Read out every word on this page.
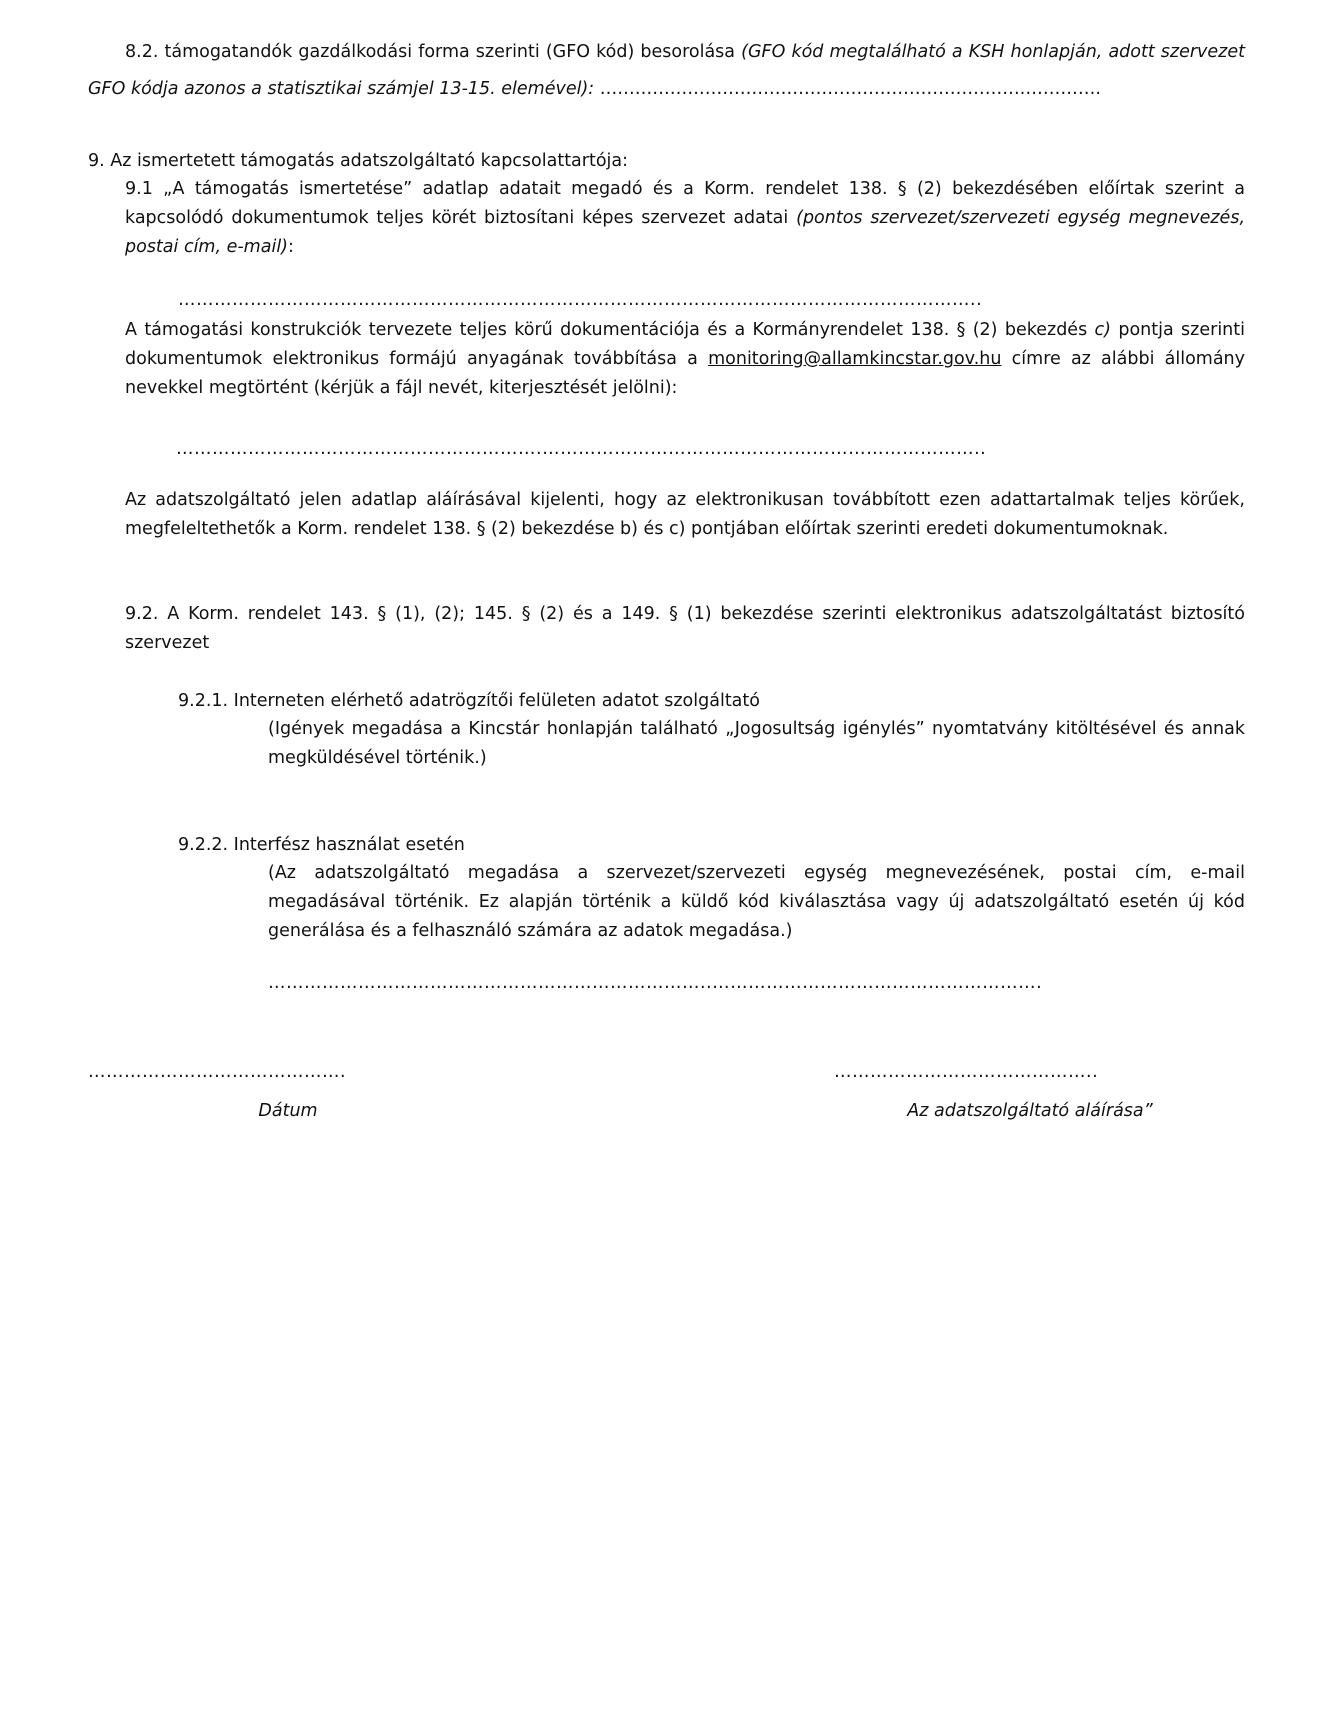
8.2. támogatandók gazdálkodási forma szerinti (GFO kód) besorolása (GFO kód megtalálható a KSH honlapján, adott szervezet GFO kódja azonos a statisztikai számjel 13-15. elemével): ……………………………………………………………….………….
9. Az ismertetett támogatás adatszolgáltató kapcsolattartója:
9.1 „A támogatás ismertetése” adatlap adatait megadó és a Korm. rendelet 138. § (2) bekezdésében előírtak szerint a kapcsolódó dokumentumok teljes körét biztosítani képes szervezet adatai (pontos szervezet/szervezeti egység megnevezés, postai cím, e-mail):
……………………………………………………………………………………………………………………..
A támogatási konstrukciók tervezete teljes körű dokumentációja és a Kormányrendelet 138. § (2) bekezdés c) pontja szerinti dokumentumok elektronikus formájú anyagának továbbítása a monitoring@allamkincstar.gov.hu címre az alábbi állomány nevekkel megtörtént (kérjük a fájl nevét, kiterjesztését jelölni):
…………………………………………………….………………………………………………………………..
Az adatszolgáltató jelen adatlap aláírásával kijelenti, hogy az elektronikusan továbbított ezen adattartalmak teljes körűek, megfeleltethetők a Korm. rendelet 138. § (2) bekezdése b) és c) pontjában előírtak szerinti eredeti dokumentumoknak.
9.2. A Korm. rendelet 143. § (1), (2); 145. § (2) és a 149. § (1) bekezdése szerinti elektronikus adatszolgáltatást biztosító szervezet
9.2.1. Interneten elérhető adatrögzítői felületen adatot szolgáltató
(Igények megadása a Kincstár honlapján található „Jogosultság igénylés” nyomtatvány kitöltésével és annak megküldésével történik.)
9.2.2. Interfész használat esetén
(Az adatszolgáltató megadása a szervezet/szervezeti egység megnevezésének, postai cím, e-mail megadásával történik. Ez alapján történik a küldő kód kiválasztása vagy új adatszolgáltató esetén új kód generálása és a felhasználó számára az adatok megadása.)
………………………………………………………………..……………………………………………….
…………………………………….
Dátum
……………………………………..
Az adatszolgáltató aláírása”
